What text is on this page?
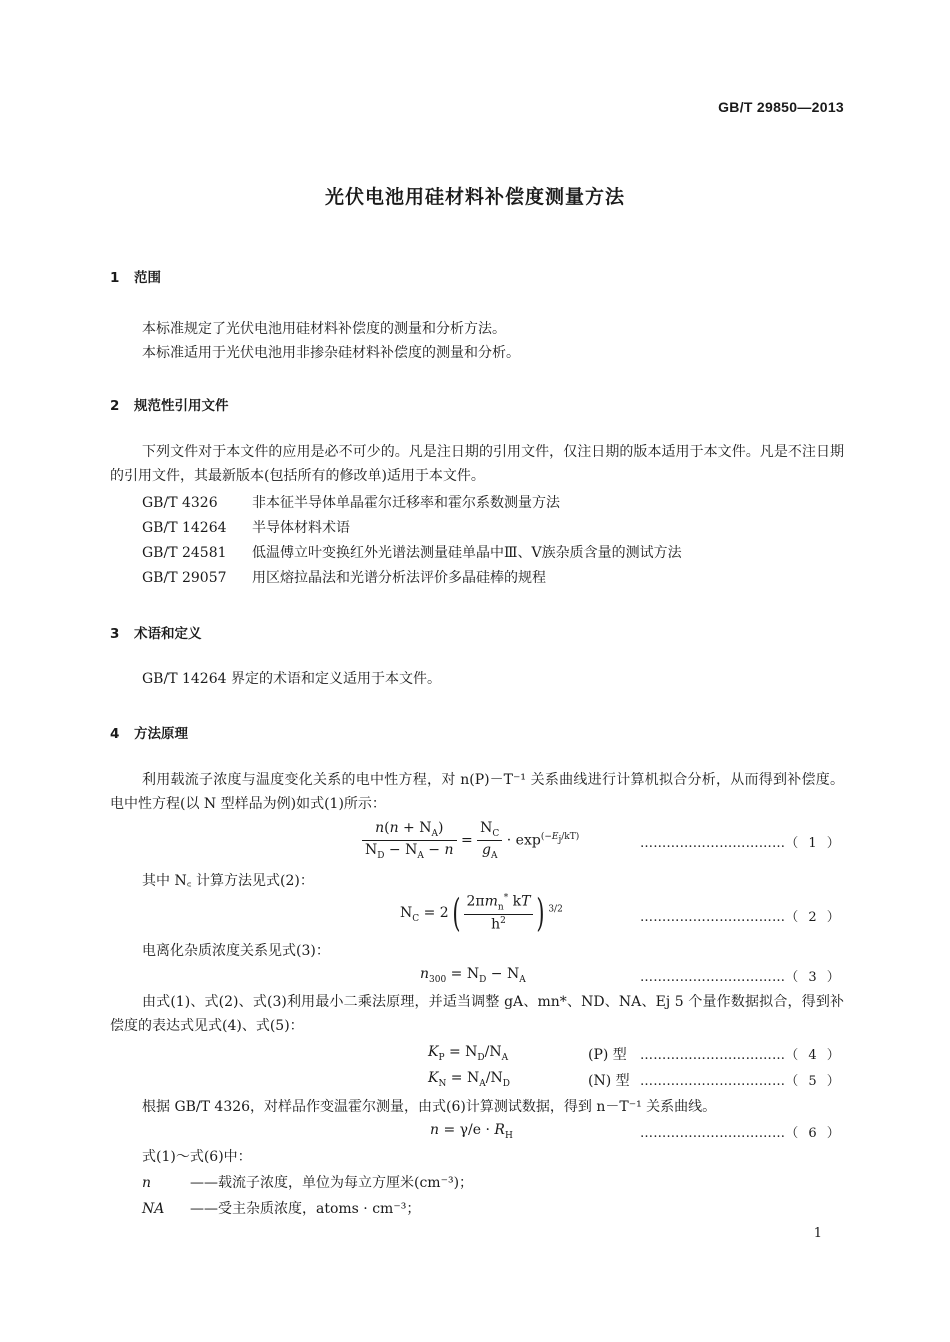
GB/T 29850—2013
光伏电池用硅材料补偿度测量方法
1 范围
本标准规定了光伏电池用硅材料补偿度的测量和分析方法。
本标准适用于光伏电池用非掺杂硅材料补偿度的测量和分析。
2 规范性引用文件
下列文件对于本文件的应用是必不可少的。凡是注日期的引用文件，仅注日期的版本适用于本文件。凡是不注日期的引用文件，其最新版本(包括所有的修改单)适用于本文件。
GB/T 4326 非本征半导体单晶霍尔迁移率和霍尔系数测量方法
GB/T 14264 半导体材料术语
GB/T 24581 低温傅立叶变换红外光谱法测量硅单晶中Ⅲ、Ⅴ族杂质含量的测试方法
GB/T 29057 用区熔拉晶法和光谱分析法评价多晶硅棒的规程
3 术语和定义
GB/T 14264 界定的术语和定义适用于本文件。
4 方法原理
利用载流子浓度与温度变化关系的电中性方程，对 n(P)－T⁻¹ 关系曲线进行计算机拟合分析，从而得到补偿度。电中性方程(以 N 型样品为例)如式(1)所示：
$\frac{n(n + N_A)}{N_D - N_A - n} = \frac{N_C}{g_A} \cdot \exp^{(-E_j/kT)}$	……………………………（ 1 ）
其中 N꜀ 计算方法见式(2)：
$N_C = 2( \frac{2\pi m_n^* kT}{h^2}$ ) $^{3/2}$
……………………………（ 2 ）
电离化杂质浓度关系见式(3)：
$n_{300} = N_D - N_A$	……………………………（ 3 ）
由式(1)、式(2)、式(3)利用最小二乘法原理，并适当调整 gA、mn*、ND、NA、Ej 5 个量作数据拟合，得到补偿度的表达式见式(4)、式(5)：
$K_P = N_D/N_A$	(P) 型 ……………………………（ 4 ）
$K_N = N_A/N_D$	(N) 型 ……………………………（ 5 ）
根据 GB/T 4326，对样品作变温霍尔测量，由式(6)计算测试数据，得到 n－T⁻¹ 关系曲线。
$n = \gamma/e \cdot R_H$	……………………………（ 6 ）
式(1)～式(6)中：
n	——载流子浓度，单位为每立方厘米(cm⁻³)；
NA ——受主杂质浓度，atoms · cm⁻³；
1
